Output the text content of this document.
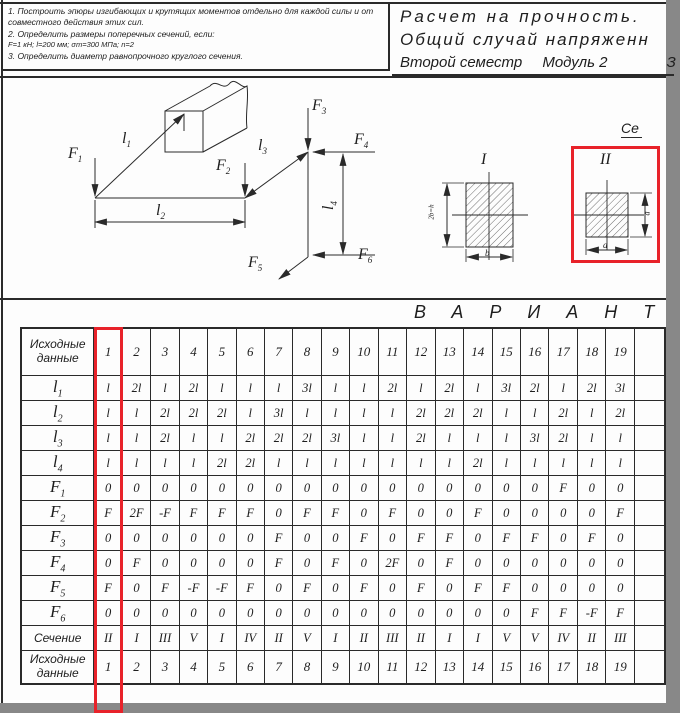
1. Построить эпюры изгибающих и крутящих моментов отдельно для каждой силы и от совместного действия этих сил.
2. Определить размеры поперечных сечений, если:
F=1 кН; l=200 мм; σт=300 МПа; n=2
3. Определить диаметр равнопрочного круглого сечения.
Расчет на прочность.
Общий случай напряженн
Второй семестр Модуль 2	З
$F_1$	$F_2$
$F_3$
$F_4$
$F_5$
$F_6$
$l_1$
$l_2$
$l_3$
$l_4$
Се
I	II
2b=h
b
a
a
ВАРИАНТ
Исходные данные	1	2	3	4	5	6	7	8	9	10	11	12	13	14	15	16	17	18	19	
$l_1$	l	2l	l	2l	l	l	l	3l	l	l	2l	l	2l	l	3l	2l	l	2l	3l	
$l_2$	l	l	2l	2l	2l	l	3l	l	l	l	l	2l	2l	2l	l	l	2l	l	2l	
$l_3$	l	l	2l	l	l	2l	2l	2l	3l	l	l	2l	l	l	l	3l	2l	l	l	
$l_4$	l	l	l	l	2l	2l	l	l	l	l	l	l	l	2l	l	l	l	l	l	
$F_1$	0	0	0	0	0	0	0	0	0	0	0	0	0	0	0	0	F	0	0	
$F_2$	F	2F	-F	F	F	F	0	F	F	0	F	0	0	F	0	0	0	0	F	
$F_3$	0	0	0	0	0	0	F	0	0	F	0	F	F	0	F	F	0	F	0	
$F_4$	0	F	0	0	0	0	F	0	F	0	2F	0	F	0	0	0	0	0	0	
$F_5$	F	0	F	-F	-F	F	0	F	0	F	0	F	0	F	F	0	0	0	0	
$F_6$	0	0	0	0	0	0	0	0	0	0	0	0	0	0	0	F	F	-F	F	
Сечение	II	I	III	V	I	IV	II	V	I	II	III	II	I	I	V	V	IV	II	III	
Исходные данные	1	2	3	4	5	6	7	8	9	10	11	12	13	14	15	16	17	18	19	
